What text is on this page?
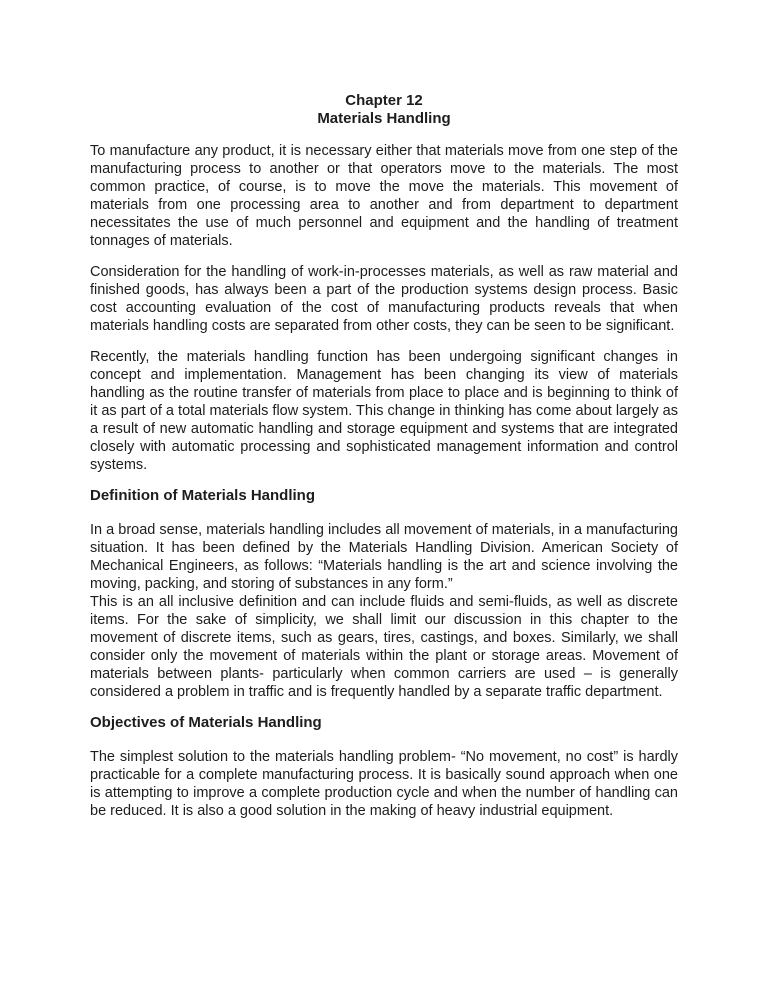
Chapter 12
Materials Handling

To manufacture any product, it is necessary either that materials move from one step of the manufacturing process to another or that operators move to the materials. The most common practice, of course, is to move the move the materials. This movement of materials from one processing area to another and from department to department necessitates the use of much personnel and equipment and the handling of treatment tonnages of materials.

Consideration for the handling of work-in-processes materials, as well as raw material and finished goods, has always been a part of the production systems design process. Basic cost accounting evaluation of the cost of manufacturing products reveals that when materials handling costs are separated from other costs, they can be seen to be significant.

Recently, the materials handling function has been undergoing significant changes in concept and implementation. Management has been changing its view of materials handling as the routine transfer of materials from place to place and is beginning to think of it as part of a total materials flow system. This change in thinking has come about largely as a result of new automatic handling and storage equipment and systems that are integrated closely with automatic processing and sophisticated management information and control systems.

Definition of Materials Handling

In a broad sense, materials handling includes all movement of materials, in a manufacturing situation. It has been defined by the Materials Handling Division. American Society of Mechanical Engineers, as follows: “Materials handling is the art and science involving the moving, packing, and storing of substances in any form.”

This is an all inclusive definition and can include fluids and semi-fluids, as well as discrete items. For the sake of simplicity, we shall limit our discussion in this chapter to the movement of discrete items, such as gears, tires, castings, and boxes. Similarly, we shall consider only the movement of materials within the plant or storage areas. Movement of materials between plants- particularly when common carriers are used – is generally considered a problem in traffic and is frequently handled by a separate traffic department.

Objectives of Materials Handling

The simplest solution to the materials handling problem- “No movement, no cost” is hardly practicable for a complete manufacturing process. It is basically sound approach when one is attempting to improve a complete production cycle and when the number of handling can be reduced. It is also a good solution in the making of heavy industrial equipment.
